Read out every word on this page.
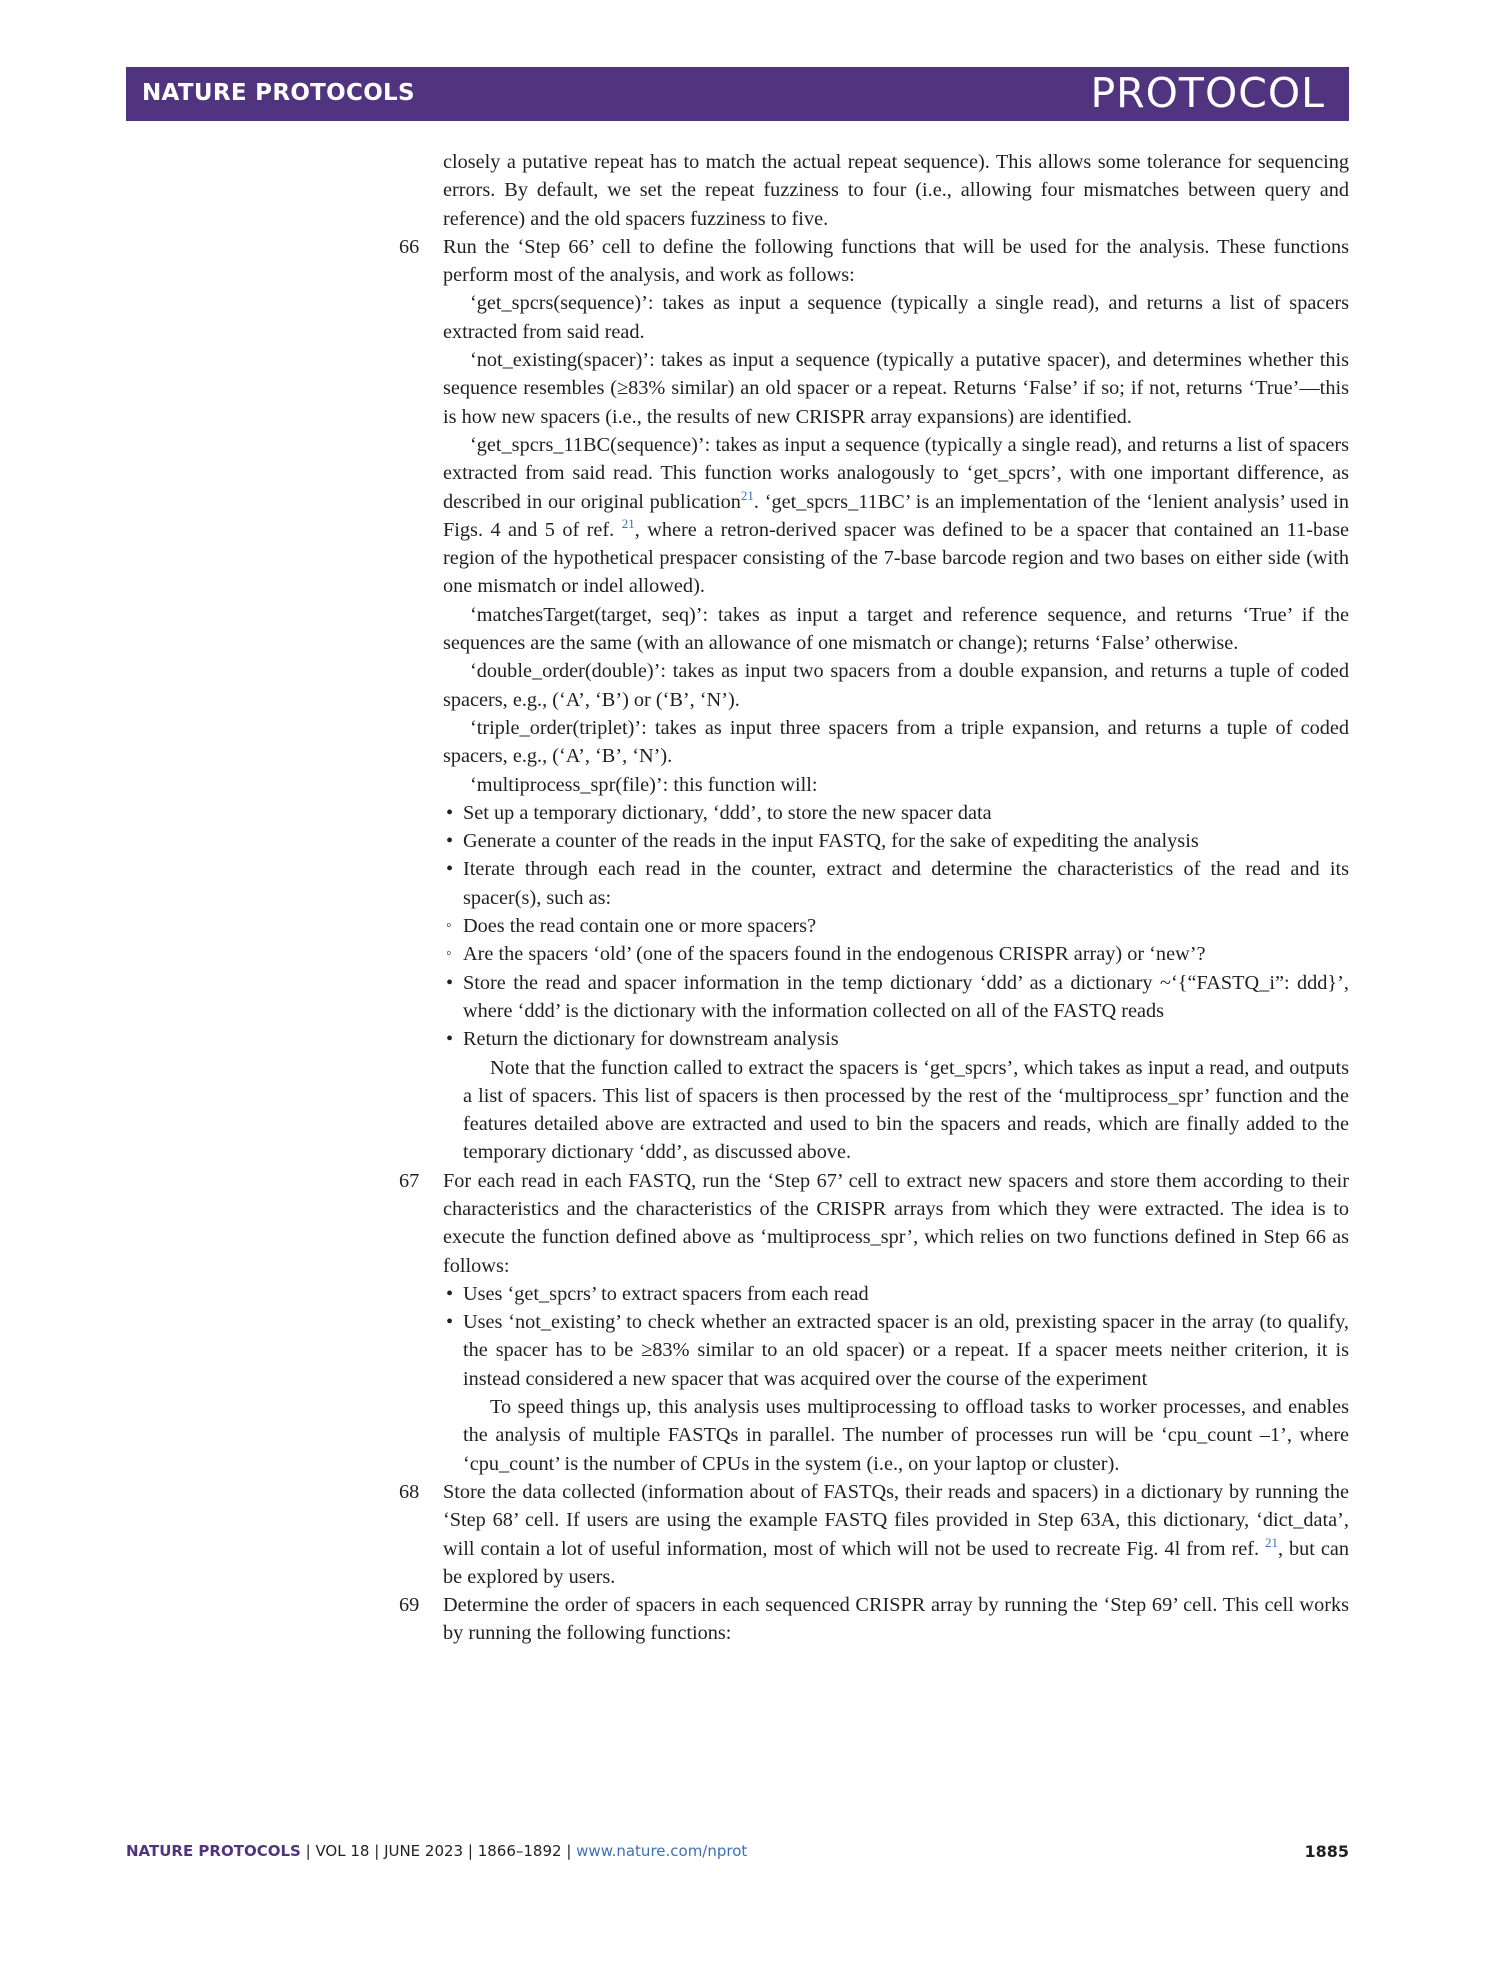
NATURE PROTOCOLS	PROTOCOL

closely a putative repeat has to match the actual repeat sequence). This allows some tolerance for sequencing errors. By default, we set the repeat fuzziness to four (i.e., allowing four mismatches between query and reference) and the old spacers fuzziness to five.

66 Run the ‘Step 66’ cell to define the following functions that will be used for the analysis. These functions perform most of the analysis, and work as follows:

‘get_spcrs(sequence)’: takes as input a sequence (typically a single read), and returns a list of spacers extracted from said read.

‘not_existing(spacer)’: takes as input a sequence (typically a putative spacer), and determines whether this sequence resembles (≥83% similar) an old spacer or a repeat. Returns ‘False’ if so; if not, returns ‘True’—this is how new spacers (i.e., the results of new CRISPR array expansions) are identified.

‘get_spcrs_11BC(sequence)’: takes as input a sequence (typically a single read), and returns a list of spacers extracted from said read. This function works analogously to ‘get_spcrs’, with one important difference, as described in our original publication$^{21}$. ‘get_spcrs_11BC’ is an implementation of the ‘lenient analysis’ used in Figs. 4 and 5 of ref. $^{21}$, where a retron-derived spacer was defined to be a spacer that contained an 11-base region of the hypothetical prespacer consisting of the 7-base barcode region and two bases on either side (with one mismatch or indel allowed).

‘matchesTarget(target, seq)’: takes as input a target and reference sequence, and returns ‘True’ if the sequences are the same (with an allowance of one mismatch or change); returns ‘False’ otherwise.

‘double_order(double)’: takes as input two spacers from a double expansion, and returns a tuple of coded spacers, e.g., (‘A’, ‘B’) or (‘B’, ‘N’).

‘triple_order(triplet)’: takes as input three spacers from a triple expansion, and returns a tuple of coded spacers, e.g., (‘A’, ‘B’, ‘N’).

‘multiprocess_spr(file)’: this function will:

• Set up a temporary dictionary, ‘ddd’, to store the new spacer data

• Generate a counter of the reads in the input FASTQ, for the sake of expediting the analysis

• Iterate through each read in the counter, extract and determine the characteristics of the read and its spacer(s), such as:

◦ Does the read contain one or more spacers?

◦ Are the spacers ‘old’ (one of the spacers found in the endogenous CRISPR array) or ‘new’?

• Store the read and spacer information in the temp dictionary ‘ddd’ as a dictionary ~‘{“FASTQ_i”: ddd}’, where ‘ddd’ is the dictionary with the information collected on all of the FASTQ reads

• Return the dictionary for downstream analysis

Note that the function called to extract the spacers is ‘get_spcrs’, which takes as input a read, and outputs a list of spacers. This list of spacers is then processed by the rest of the ‘multiprocess_spr’ function and the features detailed above are extracted and used to bin the spacers and reads, which are finally added to the temporary dictionary ‘ddd’, as discussed above.

67 For each read in each FASTQ, run the ‘Step 67’ cell to extract new spacers and store them according to their characteristics and the characteristics of the CRISPR arrays from which they were extracted. The idea is to execute the function defined above as ‘multiprocess_spr’, which relies on two functions defined in Step 66 as follows:

• Uses ‘get_spcrs’ to extract spacers from each read

• Uses ‘not_existing’ to check whether an extracted spacer is an old, prexisting spacer in the array (to qualify, the spacer has to be ≥83% similar to an old spacer) or a repeat. If a spacer meets neither criterion, it is instead considered a new spacer that was acquired over the course of the experiment

To speed things up, this analysis uses multiprocessing to offload tasks to worker processes, and enables the analysis of multiple FASTQs in parallel. The number of processes run will be ‘cpu_count –1’, where ‘cpu_count’ is the number of CPUs in the system (i.e., on your laptop or cluster).

68 Store the data collected (information about of FASTQs, their reads and spacers) in a dictionary by running the ‘Step 68’ cell. If users are using the example FASTQ files provided in Step 63A, this dictionary, ‘dict_data’, will contain a lot of useful information, most of which will not be used to recreate Fig. 4l from ref. $^{21}$, but can be explored by users.

69 Determine the order of spacers in each sequenced CRISPR array by running the ‘Step 69’ cell. This cell works by running the following functions:

NATURE PROTOCOLS | VOL 18 | JUNE 2023 | 1866–1892 | www.nature.com/nprot	1885
